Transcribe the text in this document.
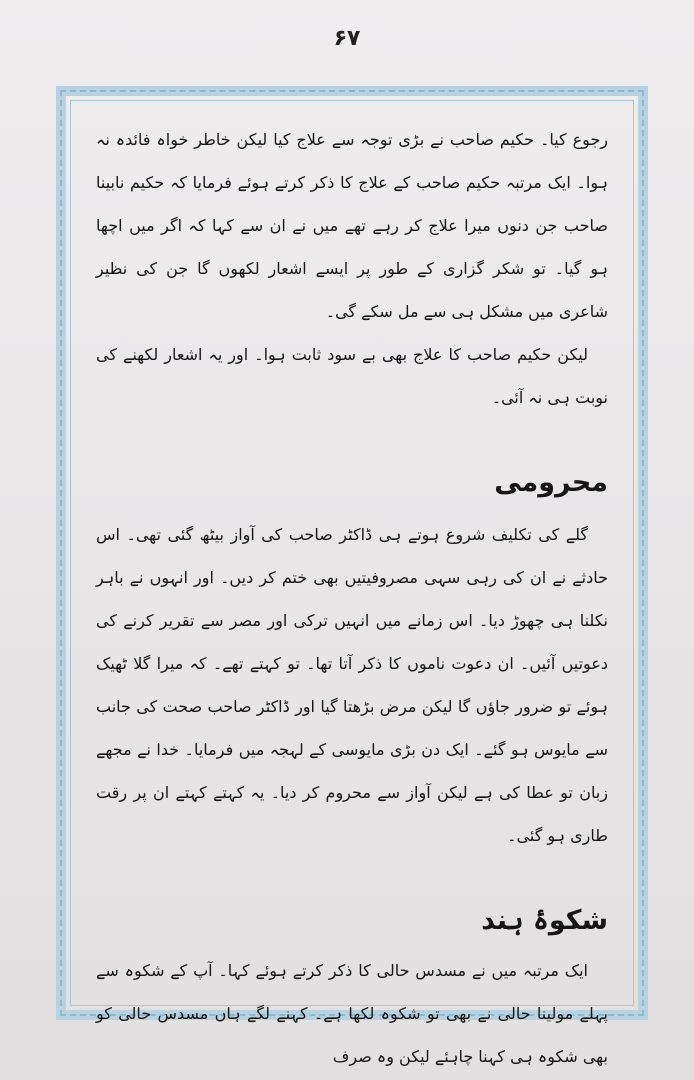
۶۷

رجوع کیا۔ حکیم صاحب نے بڑی توجہ سے علاج کیا لیکن خاطر خواہ فائدہ نہ ہوا۔ ایک مرتبہ حکیم صاحب کے علاج کا ذکر کرتے ہوئے فرمایا کہ حکیم نابینا صاحب جن دنوں میرا علاج کر رہے تھے میں نے ان سے کہا کہ اگر میں اچھا ہو گیا۔ تو شکر گزاری کے طور پر ایسے اشعار لکھوں گا جن کی نظیر شاعری میں مشکل ہی سے مل سکے گی۔

لیکن حکیم صاحب کا علاج بھی بے سود ثابت ہوا۔ اور یہ اشعار لکھنے کی نوبت ہی نہ آئی۔

محرومی

گلے کی تکلیف شروع ہوتے ہی ڈاکٹر صاحب کی آواز بیٹھ گئی تھی۔ اس حادثے نے ان کی رہی سہی مصروفیتیں بھی ختم کر دیں۔ اور انہوں نے باہر نکلنا ہی چھوڑ دیا۔ اس زمانے میں انہیں ترکی اور مصر سے تقریر کرنے کی دعوتیں آئیں۔ ان دعوت ناموں کا ذکر آتا تھا۔ تو کہتے تھے۔ کہ میرا گلا ٹھیک ہوئے تو ضرور جاؤں گا لیکن مرض بڑھتا گیا اور ڈاکٹر صاحب صحت کی جانب سے مایوس ہو گئے۔ ایک دن بڑی مایوسی کے لہجہ میں فرمایا۔ خدا نے مجھے زبان تو عطا کی ہے لیکن آواز سے محروم کر دیا۔ یہ کہتے کہتے ان پر رقت طاری ہو گئی۔

شکوۂ ہند

ایک مرتبہ میں نے مسدس حالی کا ذکر کرتے ہوئے کہا۔ آپ کے شکوہ سے پہلے مولینا حالی نے بھی تو شکوہ لکھا ہے۔ کہنے لگے ہاں مسدس حالی کو بھی شکوہ ہی کہنا چاہئے لیکن وہ صرف
